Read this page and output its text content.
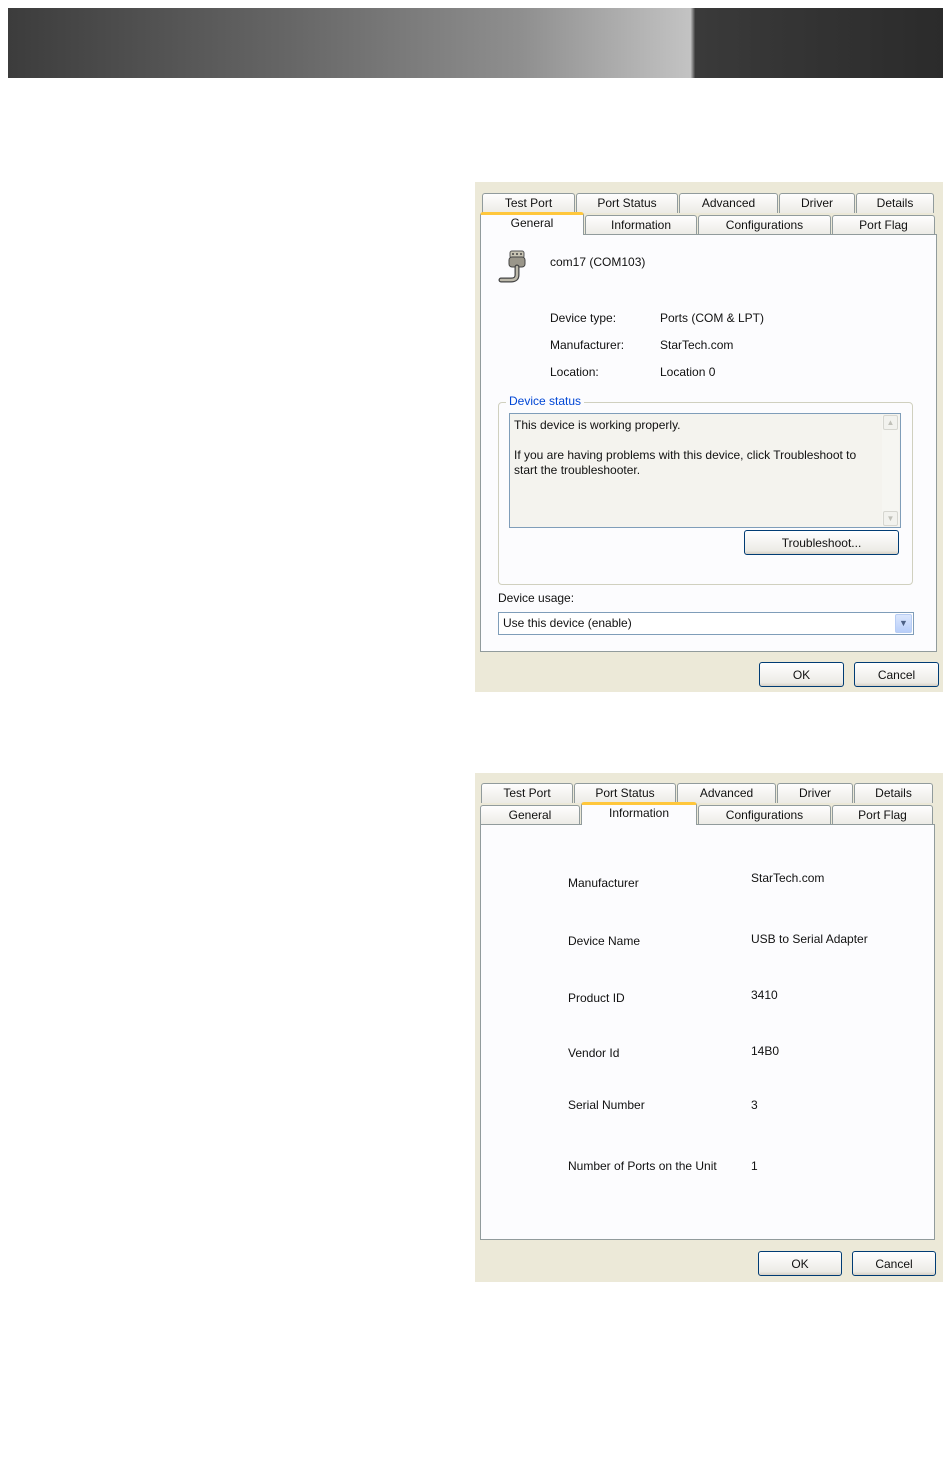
Test Port	Port Status	Advanced	Driver	Details
General	Information	Configurations	Port Flag
com17 (COM103)
Device type:	Ports (COM & LPT)
Manufacturer:	StarTech.com
Location:	Location 0
Device status
This device is working properly.

If you are having problems with this device, click Troubleshoot to start the troubleshooter.
▲
▼
Troubleshoot...
Device usage:
Use this device (enable)	▼
OK	Cancel
Test Port	Port Status	Advanced	Driver	Details
General	Information	Configurations	Port Flag
Manufacturer	StarTech.com
Device Name	USB to Serial Adapter
Product ID	3410
Vendor Id	14B0
Serial Number	3
Number of Ports on the Unit	1
OK	Cancel
